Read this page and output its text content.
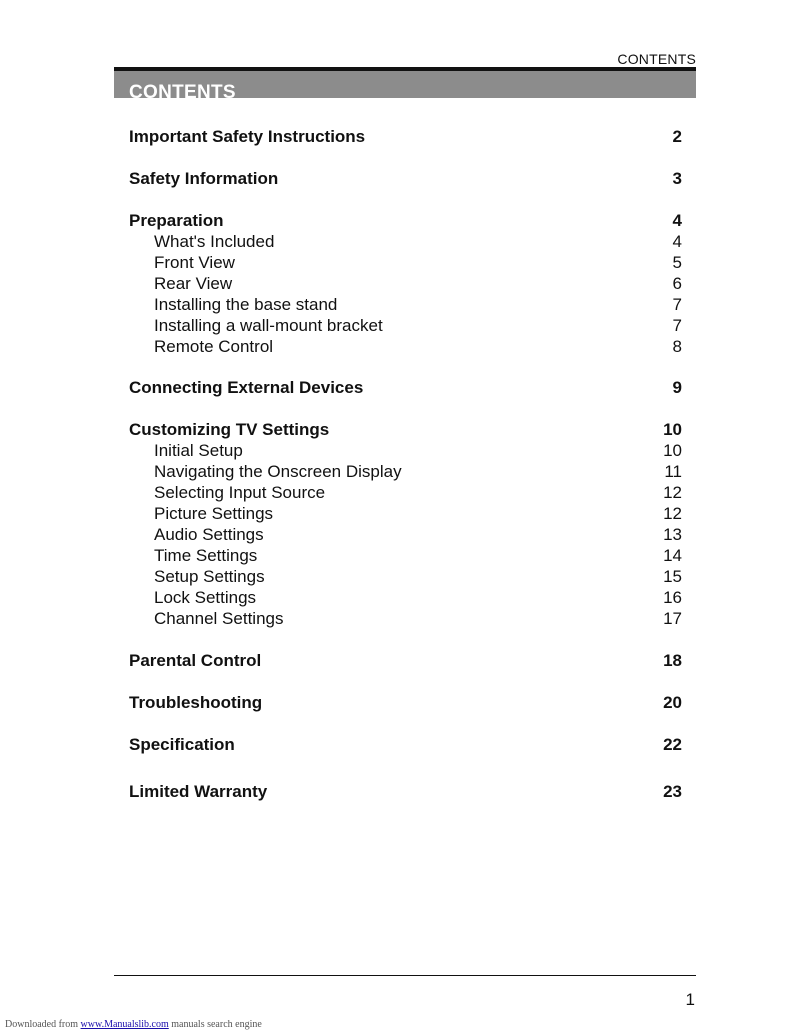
CONTENTS
CONTENTS
Important Safety Instructions	2
Safety Information	3
Preparation	4
What's Included	4
Front View	5
Rear View	6
Installing the base stand	7
Installing a wall-mount bracket	7
Remote Control	8
Connecting External Devices	9
Customizing TV Settings	10
Initial Setup	10
Navigating the Onscreen Display	11
Selecting Input Source	12
Picture Settings	12
Audio Settings	13
Time Settings	14
Setup Settings	15
Lock Settings	16
Channel Settings	17
Parental Control	18
Troubleshooting	20
Specification	22
Limited Warranty	23
1
Downloaded from www.Manualslib.com manuals search engine
